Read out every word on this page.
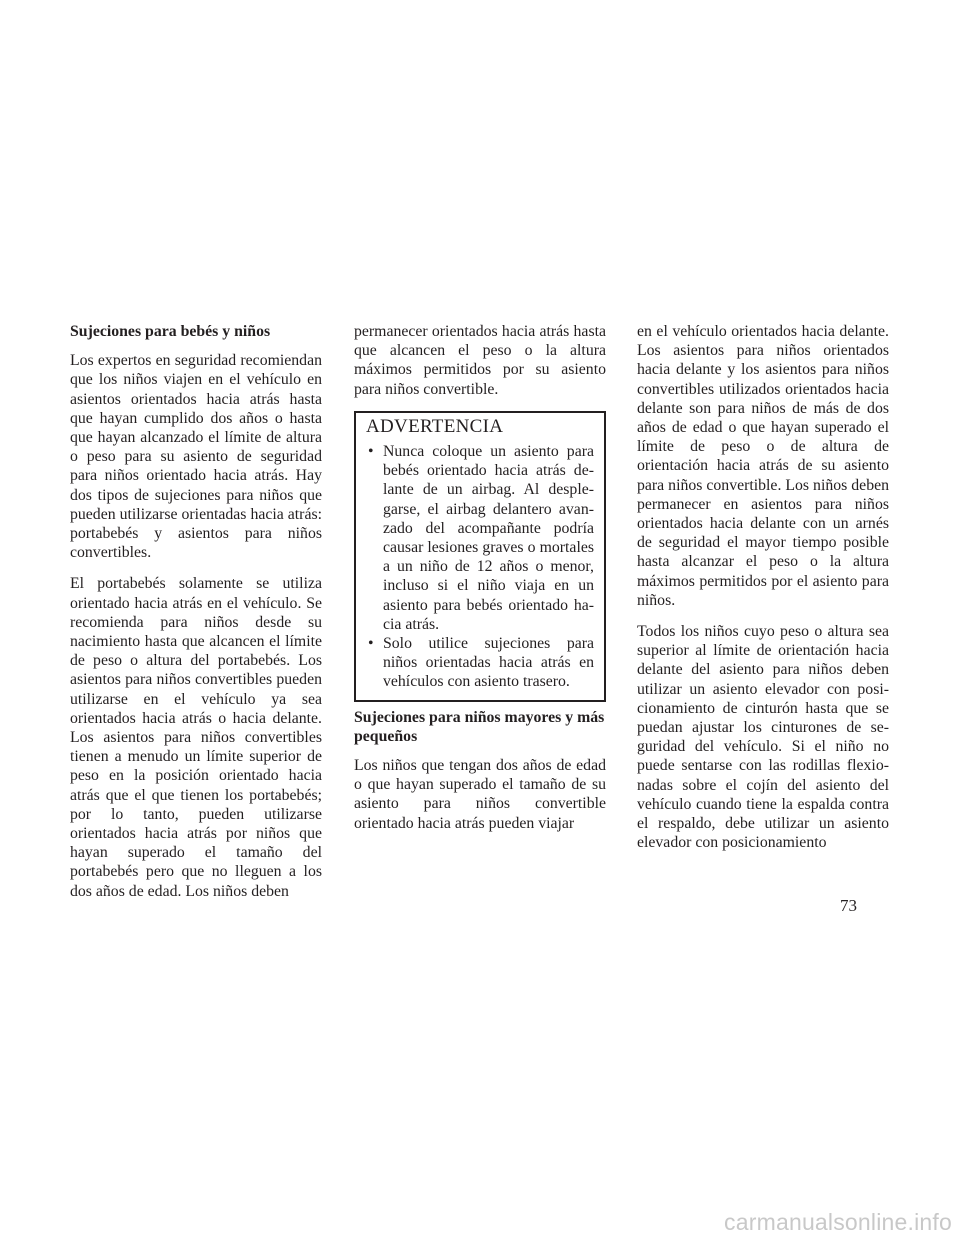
Sujeciones para bebés y niños

Los expertos en seguridad recomiendan que los niños viajen en el vehículo en asientos orientados hacia atrás hasta que hayan cumplido dos años o hasta que hayan alcanzado el límite de altura o peso para su asiento de seguridad para niños orientado hacia atrás. Hay dos tipos de sujeciones para niños que pueden utilizarse orientadas hacia atrás: portabebés y asientos para niños convertibles.

El portabebés solamente se utiliza orientado hacia atrás en el vehículo. Se recomienda para niños desde su nacimiento hasta que alcancen el límite de peso o altura del portabebés. Los asientos para niños convertibles pueden utilizarse en el vehículo ya sea orientados hacia atrás o hacia delante. Los asientos para niños convertibles tienen a menudo un límite superior de peso en la posición orientado hacia atrás que el que tienen los portabebés; por lo tanto, pueden utilizarse orientados hacia atrás por niños que hayan superado el tamaño del portabebés pero que no lleguen a los dos años de edad. Los niños deben

permanecer orientados hacia atrás hasta que alcancen el peso o la altura máximos permitidos por su asiento para niños convertible.

ADVERTENCIA
• Nunca coloque un asiento para bebés orientado hacia atrás delante de un airbag. Al desplegarse, el airbag delantero avanzado del acompañante podría causar lesiones graves o mortales a un niño de 12 años o menor, incluso si el niño viaja en un asiento para bebés orientado hacia atrás.
• Solo utilice sujeciones para niños orientadas hacia atrás en vehículos con asiento trasero.
Sujeciones para niños mayores y más pequeños

Los niños que tengan dos años de edad o que hayan superado el tamaño de su asiento para niños convertible orientado hacia atrás pueden viajar

en el vehículo orientados hacia delante. Los asientos para niños orientados hacia delante y los asientos para niños convertibles utilizados orientados hacia delante son para niños de más de dos años de edad o que hayan superado el límite de peso o de altura de orientación hacia atrás de su asiento para niños convertible. Los niños deben permanecer en asientos para niños orientados hacia delante con un arnés de seguridad el mayor tiempo posible hasta alcanzar el peso o la altura máximos permitidos por el asiento para niños.

Todos los niños cuyo peso o altura sea superior al límite de orientación hacia delante del asiento para niños deben utilizar un asiento elevador con posicionamiento de cinturón hasta que se puedan ajustar los cinturones de seguridad del vehículo. Si el niño no puede sentarse con las rodillas flexionadas sobre el cojín del asiento del vehículo cuando tiene la espalda contra el respaldo, debe utilizar un asiento elevador con posicionamiento

73
carmanualsonline.info
